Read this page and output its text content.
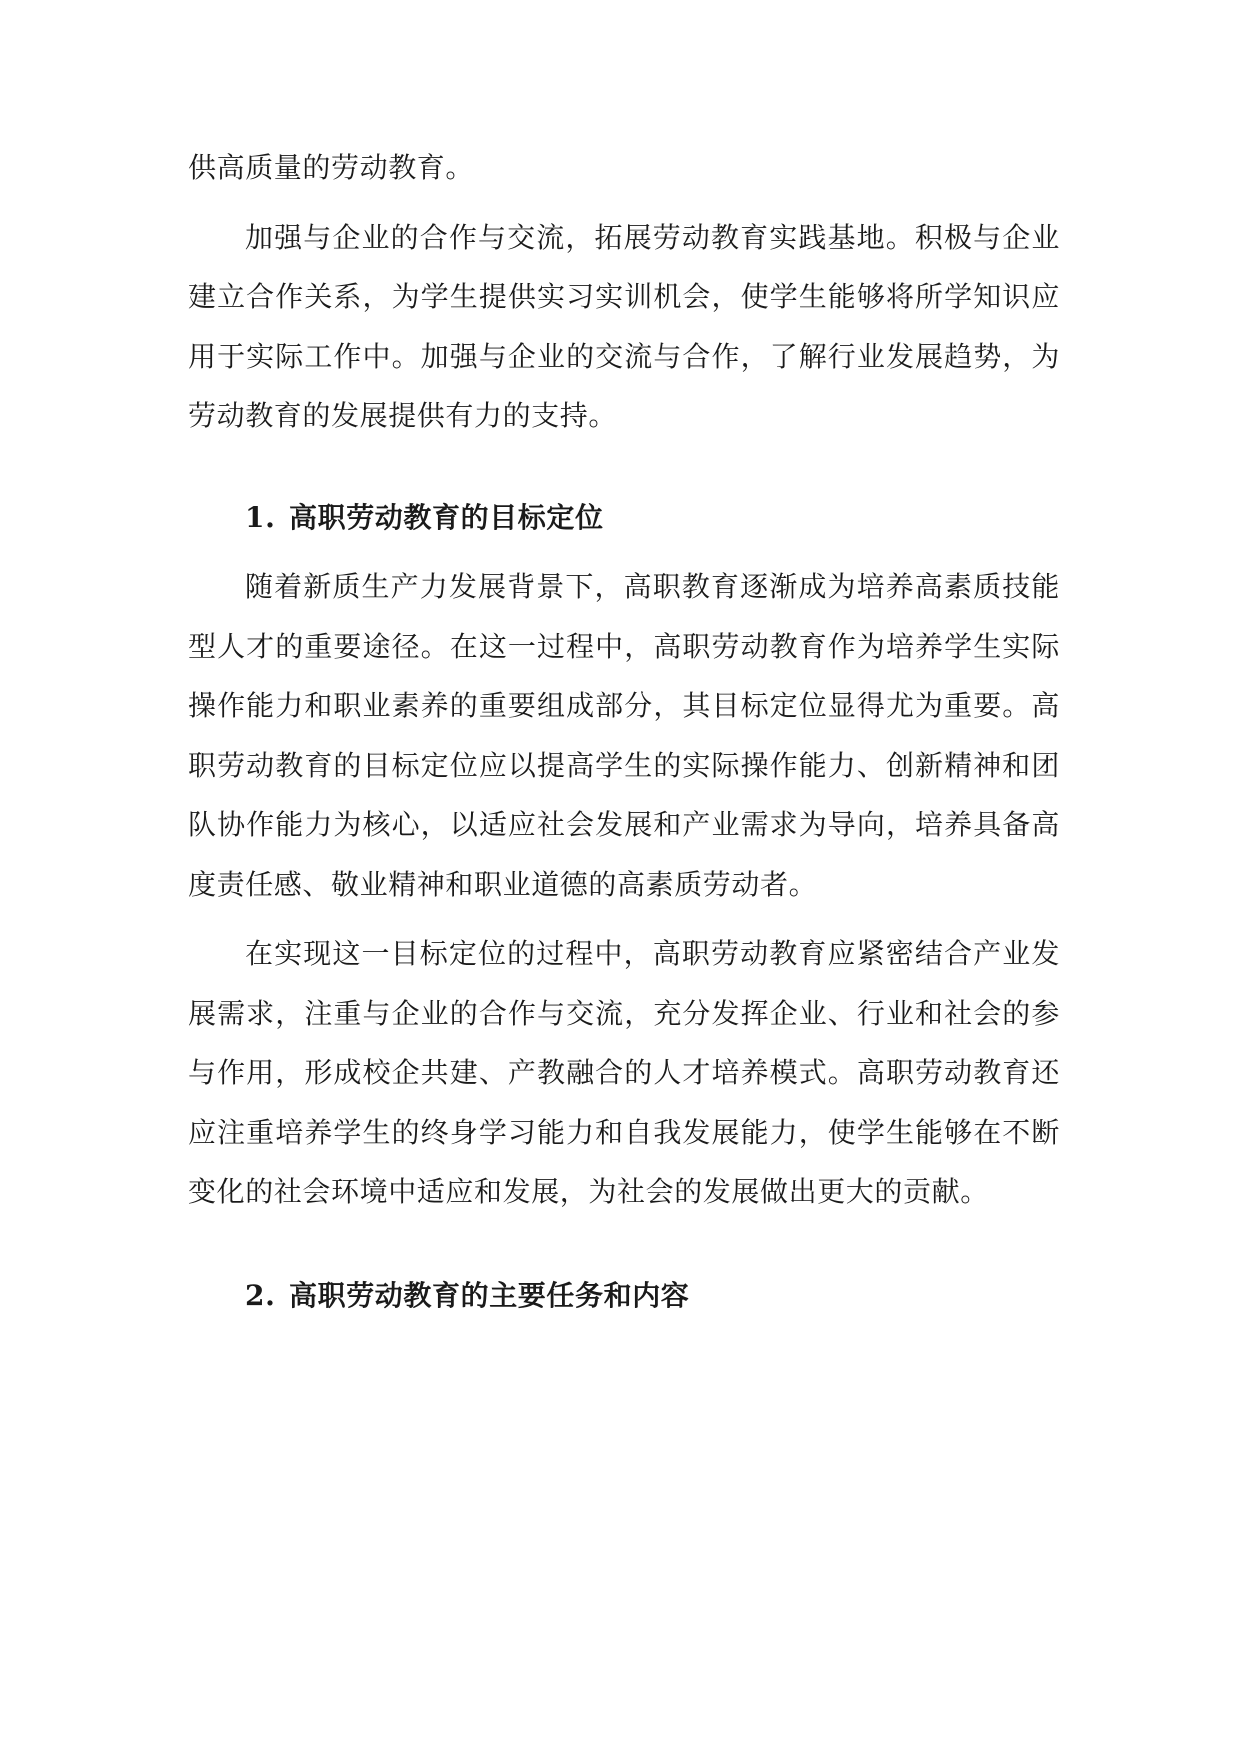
供高质量的劳动教育。

加强与企业的合作与交流，拓展劳动教育实践基地。积极与企业建立合作关系，为学生提供实习实训机会，使学生能够将所学知识应用于实际工作中。加强与企业的交流与合作，了解行业发展趋势，为劳动教育的发展提供有力的支持。

1. 高职劳动教育的目标定位

随着新质生产力发展背景下，高职教育逐渐成为培养高素质技能型人才的重要途径。在这一过程中，高职劳动教育作为培养学生实际操作能力和职业素养的重要组成部分，其目标定位显得尤为重要。高职劳动教育的目标定位应以提高学生的实际操作能力、创新精神和团队协作能力为核心，以适应社会发展和产业需求为导向，培养具备高度责任感、敬业精神和职业道德的高素质劳动者。

在实现这一目标定位的过程中，高职劳动教育应紧密结合产业发展需求，注重与企业的合作与交流，充分发挥企业、行业和社会的参与作用，形成校企共建、产教融合的人才培养模式。高职劳动教育还应注重培养学生的终身学习能力和自我发展能力，使学生能够在不断变化的社会环境中适应和发展，为社会的发展做出更大的贡献。

2. 高职劳动教育的主要任务和内容
